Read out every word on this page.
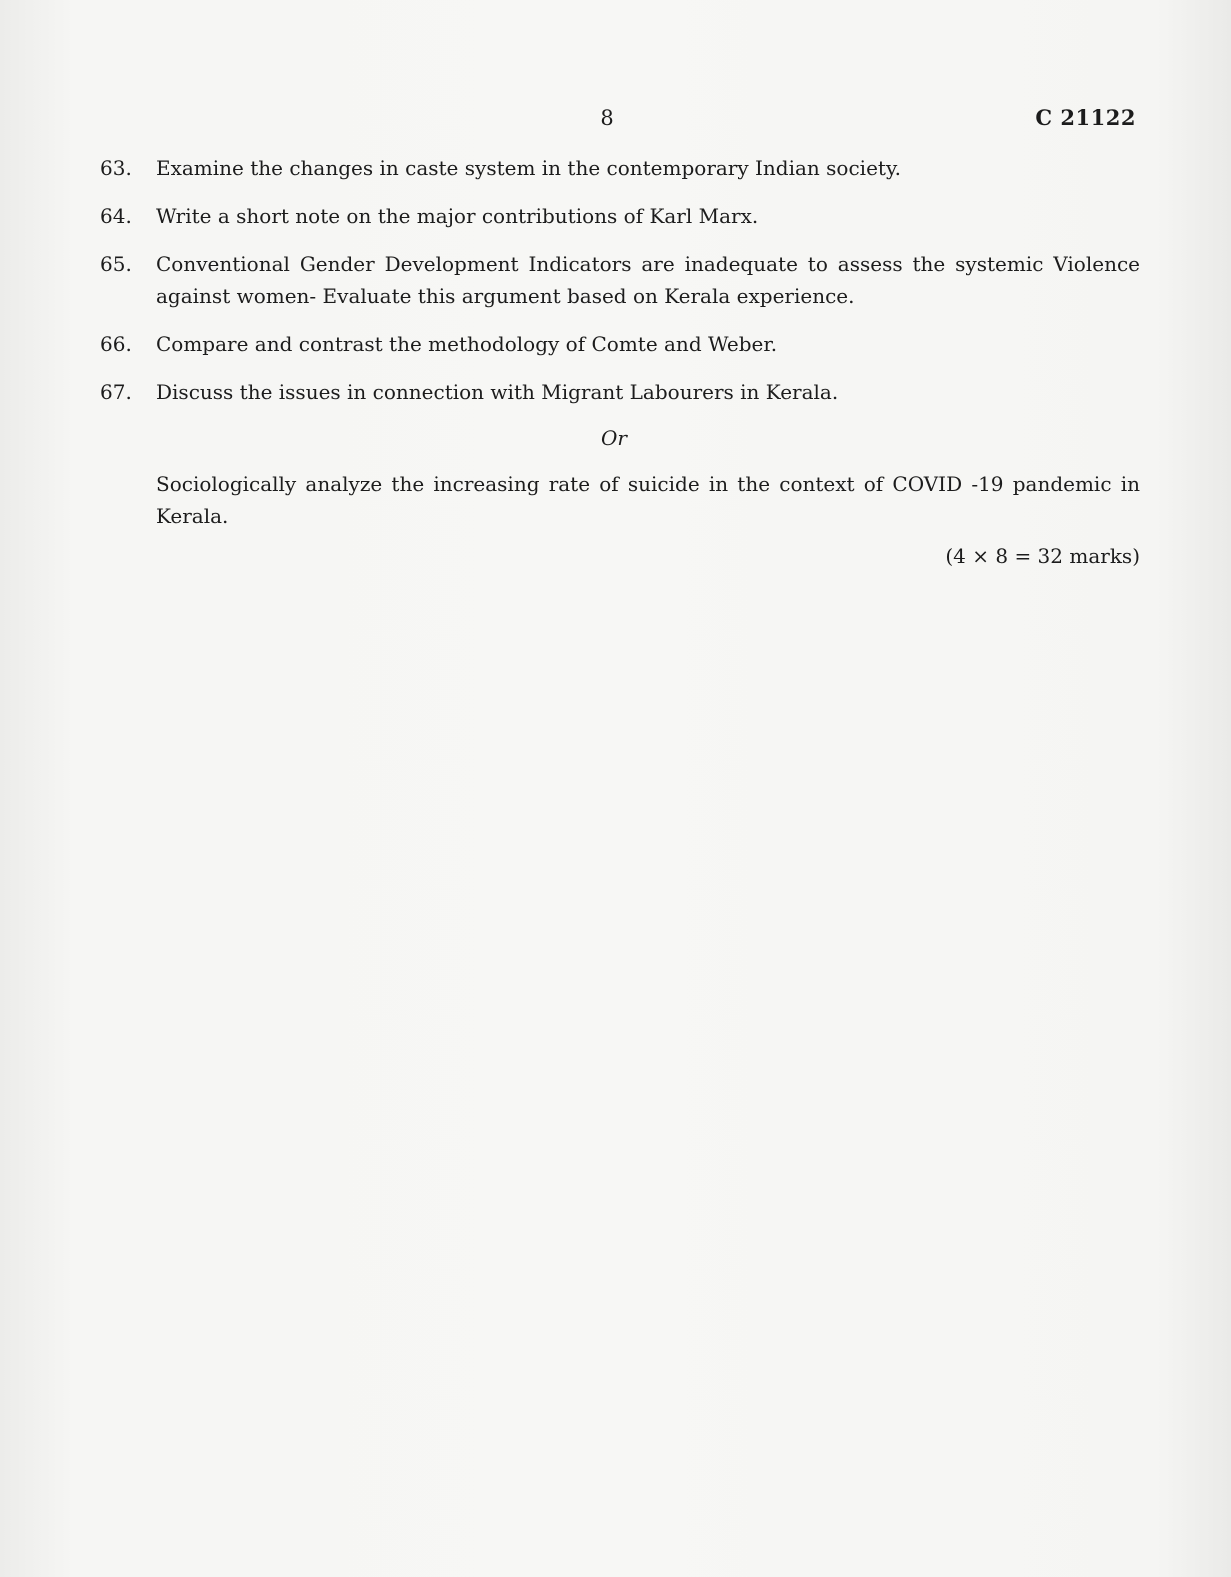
8	C 21122
63.	Examine the changes in caste system in the contemporary Indian society.
64.	Write a short note on the major contributions of Karl Marx.
65.	Conventional Gender Development Indicators are inadequate to assess the systemic Violence against women- Evaluate this argument based on Kerala experience.
66.	Compare and contrast the methodology of Comte and Weber.
67.	Discuss the issues in connection with Migrant Labourers in Kerala.
Or
Sociologically analyze the increasing rate of suicide in the context of COVID -19 pandemic in Kerala.
(4 × 8 = 32 marks)
